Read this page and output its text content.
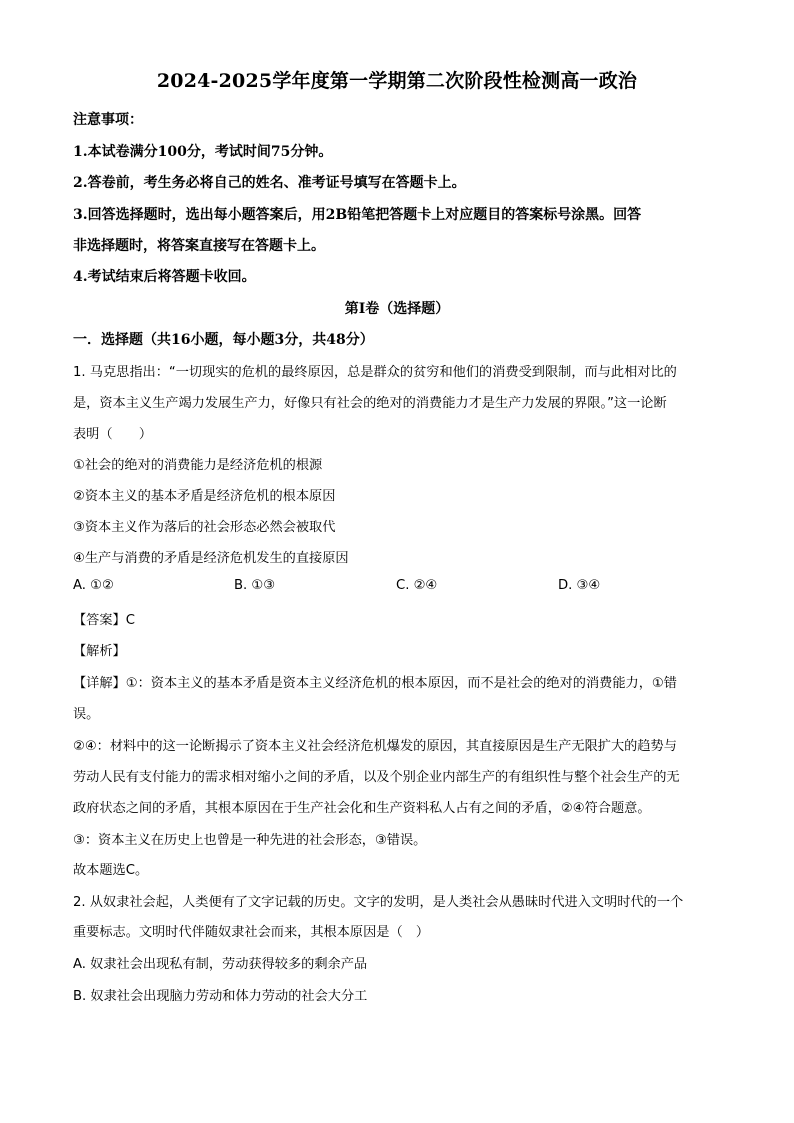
2024-2025学年度第一学期第二次阶段性检测高一政治
注意事项：
1.本试卷满分100分，考试时间75分钟。
2.答卷前，考生务必将自己的姓名、准考证号填写在答题卡上。
3.回答选择题时，选出每小题答案后，用2B铅笔把答题卡上对应题目的答案标号涂黑。回答
非选择题时，将答案直接写在答题卡上。
4.考试结束后将答题卡收回。
第Ⅰ卷（选择题）
一．选择题（共16小题，每小题3分，共48分）
1. 马克思指出：“一切现实的危机的最终原因，总是群众的贫穷和他们的消费受到限制，而与此相对比的
是，资本主义生产竭力发展生产力，好像只有社会的绝对的消费能力才是生产力发展的界限。”这一论断
表明（　　）
①社会的绝对的消费能力是经济危机的根源
②资本主义的基本矛盾是经济危机的根本原因
③资本主义作为落后的社会形态必然会被取代
④生产与消费的矛盾是经济危机发生的直接原因
A. ①②	B. ①③	C. ②④	D. ③④
【答案】C
【解析】
【详解】①：资本主义的基本矛盾是资本主义经济危机的根本原因，而不是社会的绝对的消费能力，①错
误。
②④：材料中的这一论断揭示了资本主义社会经济危机爆发的原因，其直接原因是生产无限扩大的趋势与
劳动人民有支付能力的需求相对缩小之间的矛盾，以及个别企业内部生产的有组织性与整个社会生产的无
政府状态之间的矛盾，其根本原因在于生产社会化和生产资料私人占有之间的矛盾，②④符合题意。
③：资本主义在历史上也曾是一种先进的社会形态，③错误。
故本题选C。
2. 从奴隶社会起，人类便有了文字记载的历史。文字的发明，是人类社会从愚昧时代进入文明时代的一个
重要标志。文明时代伴随奴隶社会而来，其根本原因是（　）
A. 奴隶社会出现私有制，劳动获得较多的剩余产品
B. 奴隶社会出现脑力劳动和体力劳动的社会大分工
